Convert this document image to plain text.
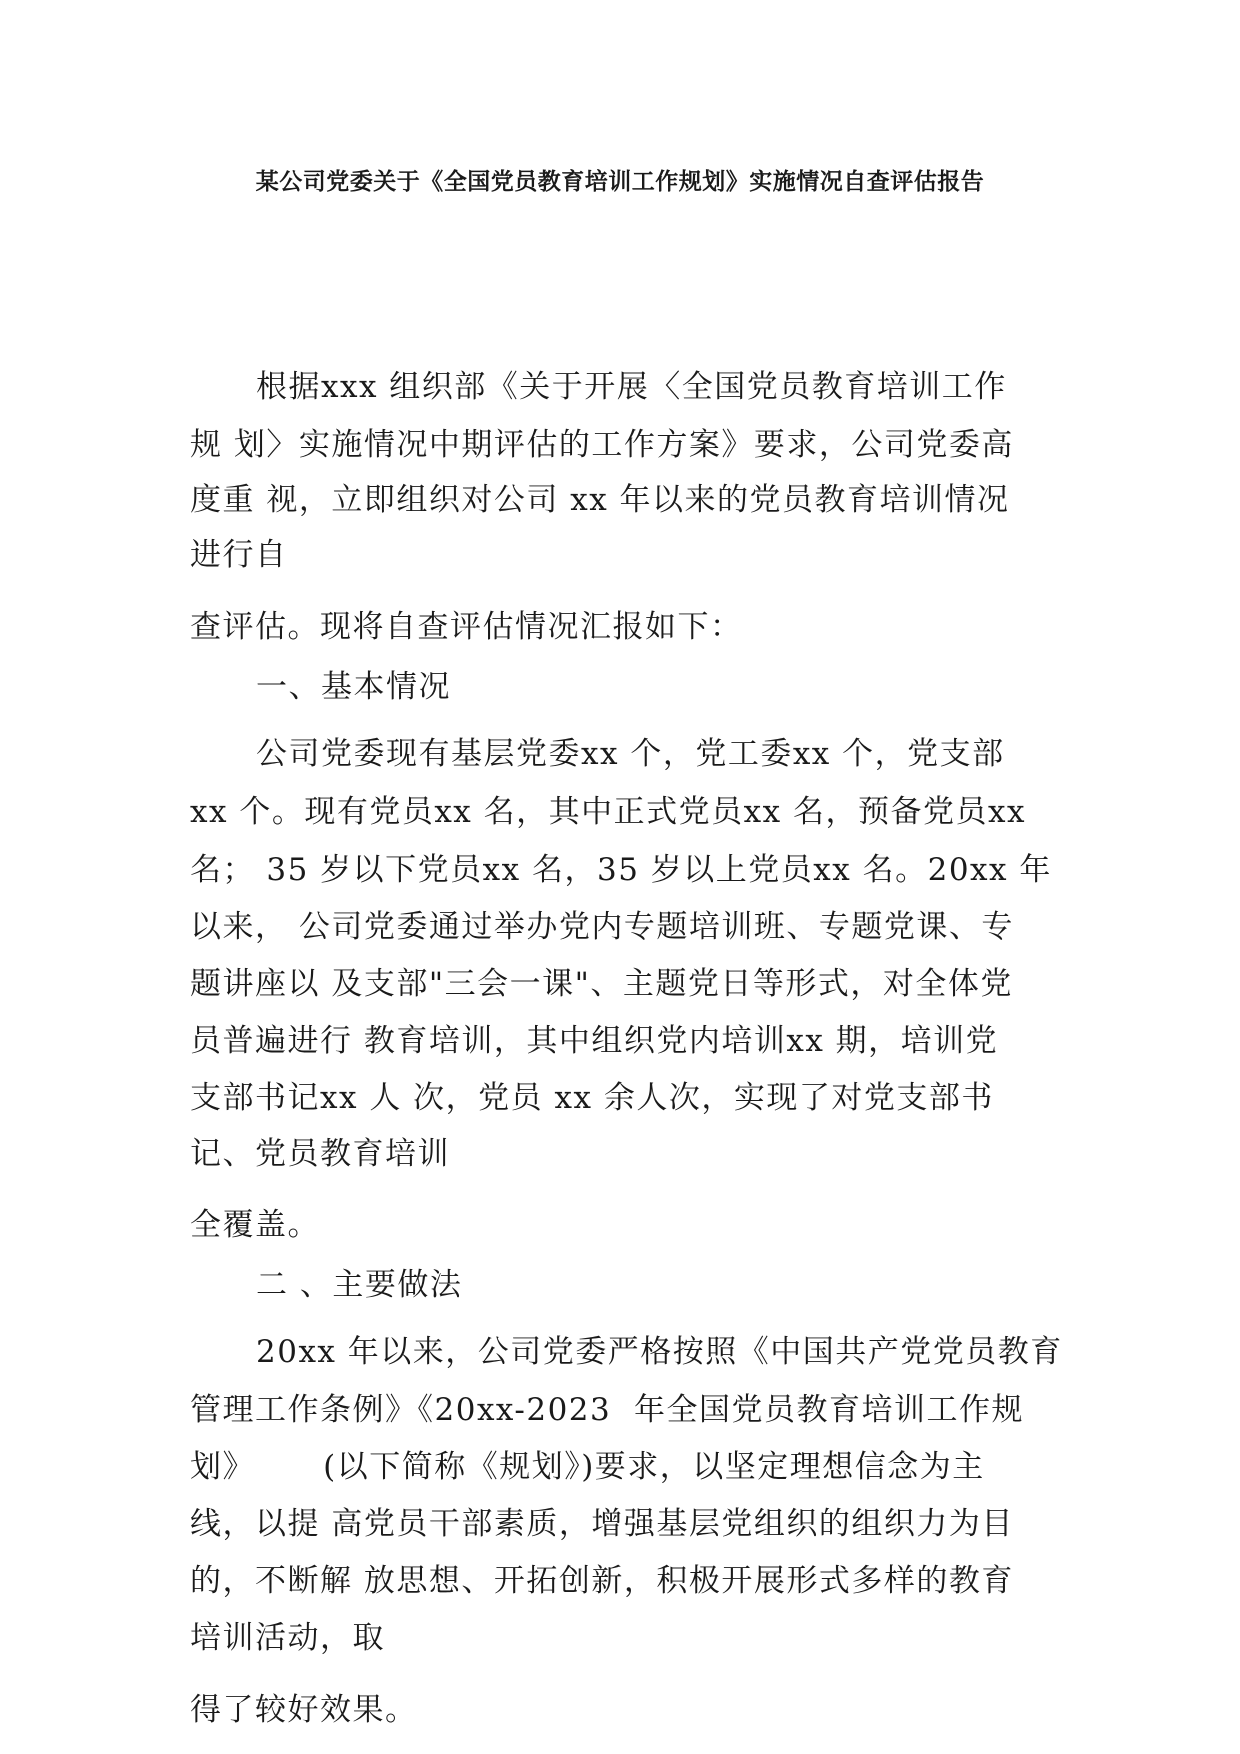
某公司党委关于《全国党员教育培训工作规划》实施情况自查评估报告
根据xxx 组织部《关于开展〈全国党员教育培训工作
规 划〉实施情况中期评估的工作方案》要求，公司党委高
度重 视，立即组织对公司 xx 年以来的党员教育培训情况
进行自
查评估。现将自查评估情况汇报如下：
一、基本情况
公司党委现有基层党委xx 个，党工委xx 个，党支部
xx 个。现有党员xx 名，其中正式党员xx 名，预备党员xx
名； 35 岁以下党员xx 名，35 岁以上党员xx 名。20xx 年
以来， 公司党委通过举办党内专题培训班、专题党课、专
题讲座以 及支部"三会一课"、主题党日等形式，对全体党
员普遍进行 教育培训，其中组织党内培训xx 期，培训党
支部书记xx 人 次，党员 xx 余人次，实现了对党支部书
记、党员教育培训
全覆盖。
二 、主要做法
20xx 年以来，公司党委严格按照《中国共产党党员教育
管理工作条例》《20xx-2023  年全国党员教育培训工作规
划》      (以下简称《规划》)要求，以坚定理想信念为主
线，以提 高党员干部素质，增强基层党组织的组织力为目
的，不断解 放思想、开拓创新，积极开展形式多样的教育
培训活动，取
得了较好效果。
